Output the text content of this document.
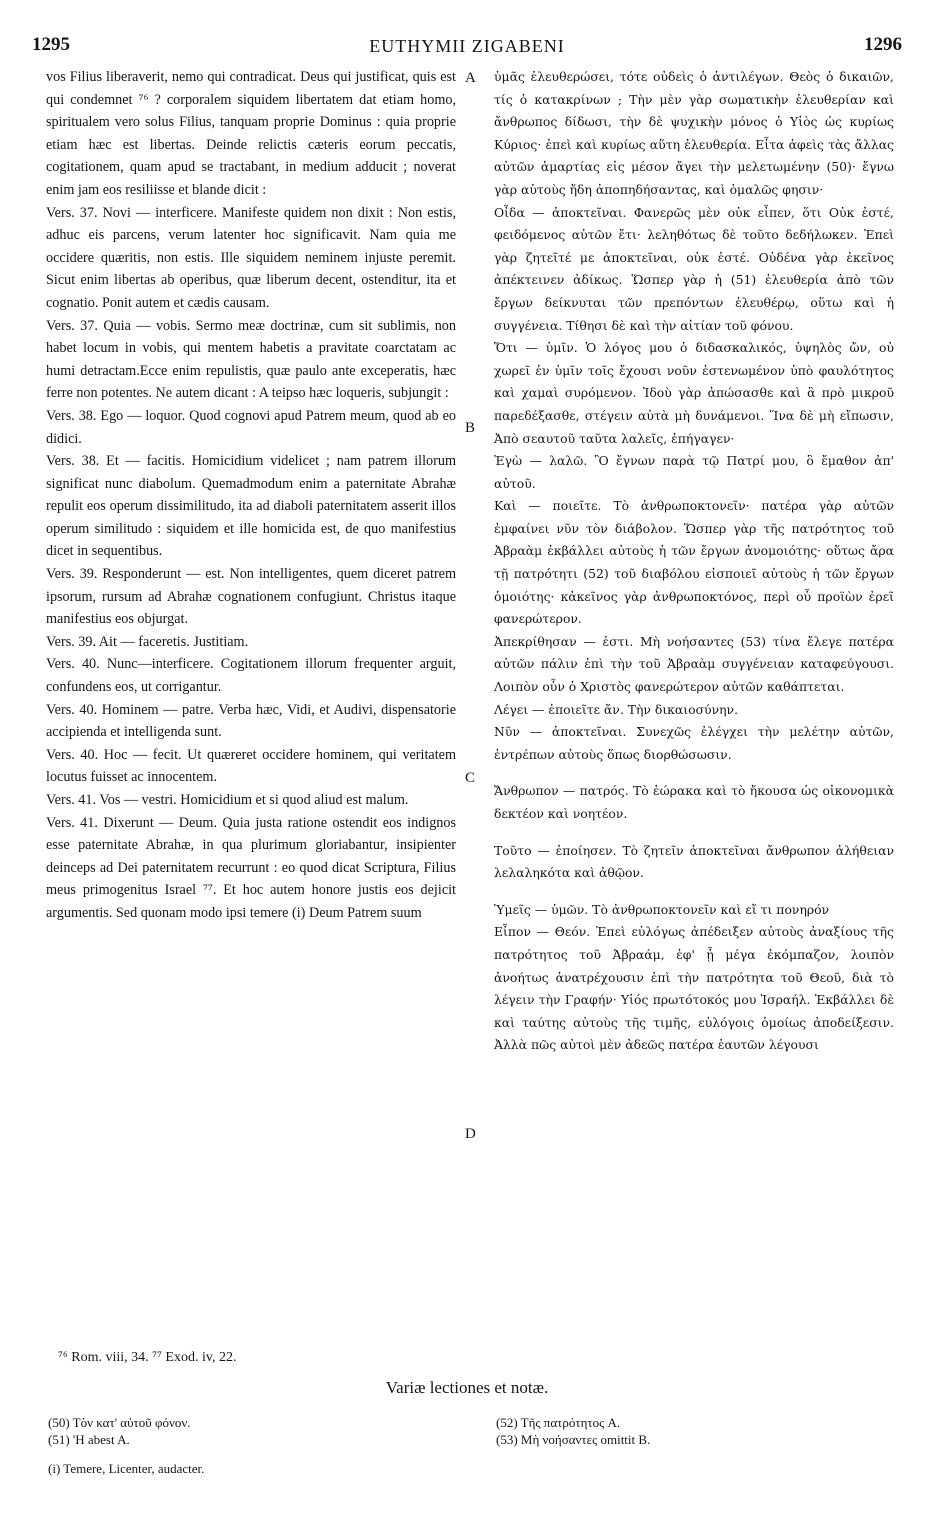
1295	EUTHYMII ZIGABENI	1296

vos Filius liberaverit, nemo qui contradicat. Deus qui justificat, quis est qui condemnet ⁷⁶ ? corporalem siquidem libertatem dat etiam homo, spiritualem vero solus Filius, tanquam proprie Dominus : quia proprie etiam hæc est libertas. Deinde relictis cæteris eorum peccatis, cogitationem, quam apud se tractabant, in medium adducit ; noverat enim jam eos resiliisse et blande dicit :

Vers. 37. Novi — interficere. Manifeste quidem non dixit : Non estis, adhuc eis parcens, verum latenter hoc significavit. Nam quia me occidere quæritis, non estis. Ille siquidem neminem injuste peremit. Sicut enim libertas ab operibus, quæ liberum decent, ostenditur, ita et cognatio. Ponit autem et cædis causam.

Vers. 37. Quia — vobis. Sermo meæ doctrinæ, cum sit sublimis, non habet locum in vobis, qui mentem habetis a pravitate coarctatam ac humi detractam.Ecce enim repulistis, quæ paulo ante exceperatis, hæc ferre non potentes. Ne autem dicant : A teipso hæc loqueris, subjungit :

Vers. 38. Ego — loquor. Quod cognovi apud Patrem meum, quod ab eo didici.

Vers. 38. Et — facitis. Homicidium videlicet ; nam patrem illorum significat nunc diabolum. Quemadmodum enim a paternitate Abrahæ repulit eos operum dissimilitudo, ita ad diaboli paternitatem asserit illos operum similitudo : siquidem et ille homicida est, de quo manifestius dicet in sequentibus.

Vers. 39. Responderunt — est. Non intelligentes, quem diceret patrem ipsorum, rursum ad Abrahæ cognationem confugiunt. Christus itaque manifestius eos objurgat.

Vers. 39. Ait — faceretis. Justitiam.

Vers. 40. Nunc—interficere. Cogitationem illorum frequenter arguit, confundens eos, ut corrigantur.

Vers. 40. Hominem — patre. Verba hæc, Vidi, et Audivi, dispensatorie accipienda et intelligenda sunt.

Vers. 40. Hoc — fecit. Ut quæreret occidere hominem, qui veritatem locutus fuisset ac innocentem.

Vers. 41. Vos — vestri. Homicidium et si quod aliud est malum.

Vers. 41. Dixerunt — Deum. Quia justa ratione ostendit eos indignos esse paternitate Abrahæ, in qua plurimum gloriabantur, insipienter deinceps ad Dei paternitatem recurrunt : eo quod dicat Scriptura, Filius meus primogenitus Israel ⁷⁷. Et hoc autem honore justis eos dejicit argumentis. Sed quonam modo ipsi temere (i) Deum Patrem suum

A
B
C
D

ὑμᾶς ἐλευθερώσει, τότε οὐδεὶς ὁ ἀντιλέγων. Θεὸς ὁ δικαιῶν, τίς ὁ κατακρίνων ; Τὴν μὲν γὰρ σωματικὴν ἐλευθερίαν καὶ ἄνθρωπος δίδωσι, τὴν δὲ ψυχικὴν μόνος ὁ Υἱὸς ὡς κυρίως Κύριος· ἐπεὶ καὶ κυρίως αὕτη ἐλευθερία. Εἶτα ἀφεὶς τὰς ἄλλας αὐτῶν ἁμαρτίας εἰς μέσον ἄγει τὴν μελετωμένην (50)· ἔγνω γὰρ αὐτοὺς ἤδη ἀποπηδήσαντας, καὶ ὁμαλῶς φησιν·

Οἶδα — ἀποκτεῖναι. Φανερῶς μὲν οὐκ εἶπεν, ὅτι Οὐκ ἐστέ, φειδόμενος αὐτῶν ἔτι· λεληθότως δὲ τοῦτο δεδήλωκεν. Ἐπεὶ γὰρ ζητεῖτέ με ἀποκτεῖναι, οὐκ ἐστέ. Οὐδένα γὰρ ἐκεῖνος ἀπέκτεινεν ἀδίκως. Ὥσπερ γὰρ ἡ (51) ἐλευθερία ἀπὸ τῶν ἔργων δείκνυται τῶν πρεπόντων ἐλευθέρῳ, οὕτω καὶ ἡ συγγένεια. Τίθησι δὲ καὶ τὴν αἰτίαν τοῦ φόνου.

Ὅτι — ὑμῖν. Ὁ λόγος μου ὁ διδασκαλικός, ὑψηλὸς ὤν, οὐ χωρεῖ ἐν ὑμῖν τοῖς ἔχουσι νοῦν ἐστενωμένον ὑπὸ φαυλότητος καὶ χαμαὶ συρόμενον. Ἰδοὺ γὰρ ἀπώσασθε καὶ ἃ πρὸ μικροῦ παρεδέξασθε, στέγειν αὐτὰ μὴ δυνάμενοι. Ἵνα δὲ μὴ εἴπωσιν, Ἀπὸ σεαυτοῦ ταῦτα λαλεῖς, ἐπήγαγεν·

Ἐγὼ — λαλῶ. Ὃ ἔγνων παρὰ τῷ Πατρί μου, ὃ ἔμαθον ἀπ' αὐτοῦ.

Καὶ — ποιεῖτε. Τὸ ἀνθρωποκτονεῖν· πατέρα γὰρ αὐτῶν ἐμφαίνει νῦν τὸν διάβολον. Ὥσπερ γὰρ τῆς πατρότητος τοῦ Ἀβραὰμ ἐκβάλλει αὐτοὺς ἡ τῶν ἔργων ἀνομοιότης· οὕτως ἄρα τῇ πατρότητι (52) τοῦ διαβόλου εἰσποιεῖ αὐτοὺς ἡ τῶν ἔργων ὁμοιότης· κἀκεῖνος γὰρ ἀνθρωποκτόνος, περὶ οὗ προϊὼν ἐρεῖ φανερώτερον.

Ἀπεκρίθησαν — ἐστι. Μὴ νοήσαντες (53) τίνα ἔλεγε πατέρα αὐτῶν πάλιν ἐπὶ τὴν τοῦ Ἀβραὰμ συγγένειαν καταφεύγουσι. Λοιπὸν οὖν ὁ Χριστὸς φανερώτερον αὐτῶν καθάπτεται.

Λέγει — ἐποιεῖτε ἄν. Τὴν δικαιοσύνην.

Νῦν — ἀποκτεῖναι. Συνεχῶς ἐλέγχει τὴν μελέτην αὐτῶν, ἐντρέπων αὐτοὺς ὅπως διορθώσωσιν.

Ἄνθρωπον — πατρός. Τὸ ἑώρακα καὶ τὸ ἤκουσα ὡς οἰκονομικὰ δεκτέον καὶ νοητέον.

Τοῦτο — ἐποίησεν. Τὸ ζητεῖν ἀποκτεῖναι ἄνθρωπον ἀλήθειαν λελαληκότα καὶ ἀθῷον.

Ὑμεῖς — ὑμῶν. Τὸ ἀνθρωποκτονεῖν καὶ εἴ τι πονηρόν

Εἶπον — Θεόν. Ἐπεὶ εὐλόγως ἀπέδειξεν αὐτοὺς ἀναξίους τῆς πατρότητος τοῦ Ἀβραάμ, ἐφ' ᾗ μέγα ἐκόμπαζον, λοιπὸν ἀνοήτως ἀνατρέχουσιν ἐπὶ τὴν πατρότητα τοῦ Θεοῦ, διὰ τὸ λέγειν τὴν Γραφήν· Υἱός πρωτότοκός μου Ἰσραήλ. Ἐκβάλλει δὲ καὶ ταύτης αὐτοὺς τῆς τιμῆς, εὐλόγοις ὁμοίως ἀποδείξεσιν. Ἀλλὰ πῶς αὐτοὶ μὲν ἀδεῶς πατέρα ἑαυτῶν λέγουσι

⁷⁶ Rom. viii, 34. ⁷⁷ Exod. iv, 22.
Variæ lectiones et notæ.
(50) Τὸν κατ' αὐτοῦ φόνον.
(51) 'H abest A.
(52) Τῆς πατρότητος A.
(53) Μὴ νοήσαντες omittit B.
(i) Temere, Licenter, audacter.
